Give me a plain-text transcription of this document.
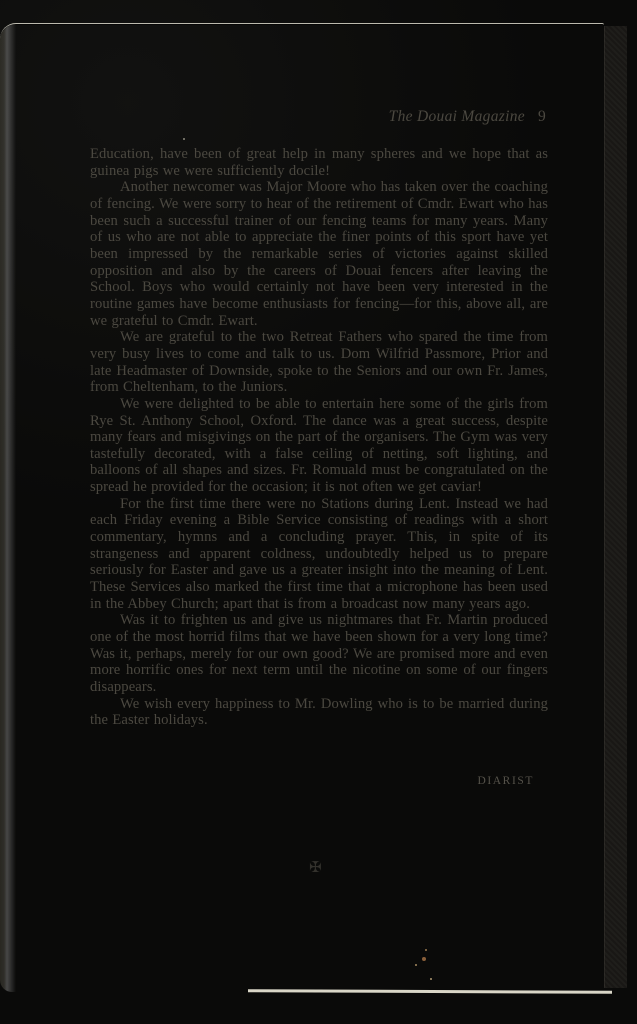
The Douai Magazine 9

Education, have been of great help in many spheres and we hope that as guinea pigs we were sufficiently docile!

Another newcomer was Major Moore who has taken over the coaching of fencing. We were sorry to hear of the retirement of Cmdr. Ewart who has been such a successful trainer of our fencing teams for many years. Many of us who are not able to appreciate the finer points of this sport have yet been impressed by the remarkable series of victories against skilled opposition and also by the careers of Douai fencers after leaving the School. Boys who would certainly not have been very interested in the routine games have become enthusiasts for fencing—for this, above all, are we grateful to Cmdr. Ewart.

We are grateful to the two Retreat Fathers who spared the time from very busy lives to come and talk to us. Dom Wilfrid Passmore, Prior and late Headmaster of Downside, spoke to the Seniors and our own Fr. James, from Cheltenham, to the Juniors.

We were delighted to be able to entertain here some of the girls from Rye St. Anthony School, Oxford. The dance was a great success, despite many fears and misgivings on the part of the organisers. The Gym was very tastefully decorated, with a false ceiling of netting, soft lighting, and balloons of all shapes and sizes. Fr. Romuald must be congratulated on the spread he provided for the occasion; it is not often we get caviar!

For the first time there were no Stations during Lent. Instead we had each Friday evening a Bible Service consisting of readings with a short commentary, hymns and a concluding prayer. This, in spite of its strangeness and apparent coldness, undoubtedly helped us to prepare seriously for Easter and gave us a greater insight into the meaning of Lent. These Services also marked the first time that a microphone has been used in the Abbey Church; apart that is from a broadcast now many years ago.

Was it to frighten us and give us nightmares that Fr. Martin produced one of the most horrid films that we have been shown for a very long time? Was it, perhaps, merely for our own good? We are promised more and even more horrific ones for next term until the nicotine on some of our fingers disappears.

We wish every happiness to Mr. Dowling who is to be married during the Easter holidays.

DIARIST
✠
